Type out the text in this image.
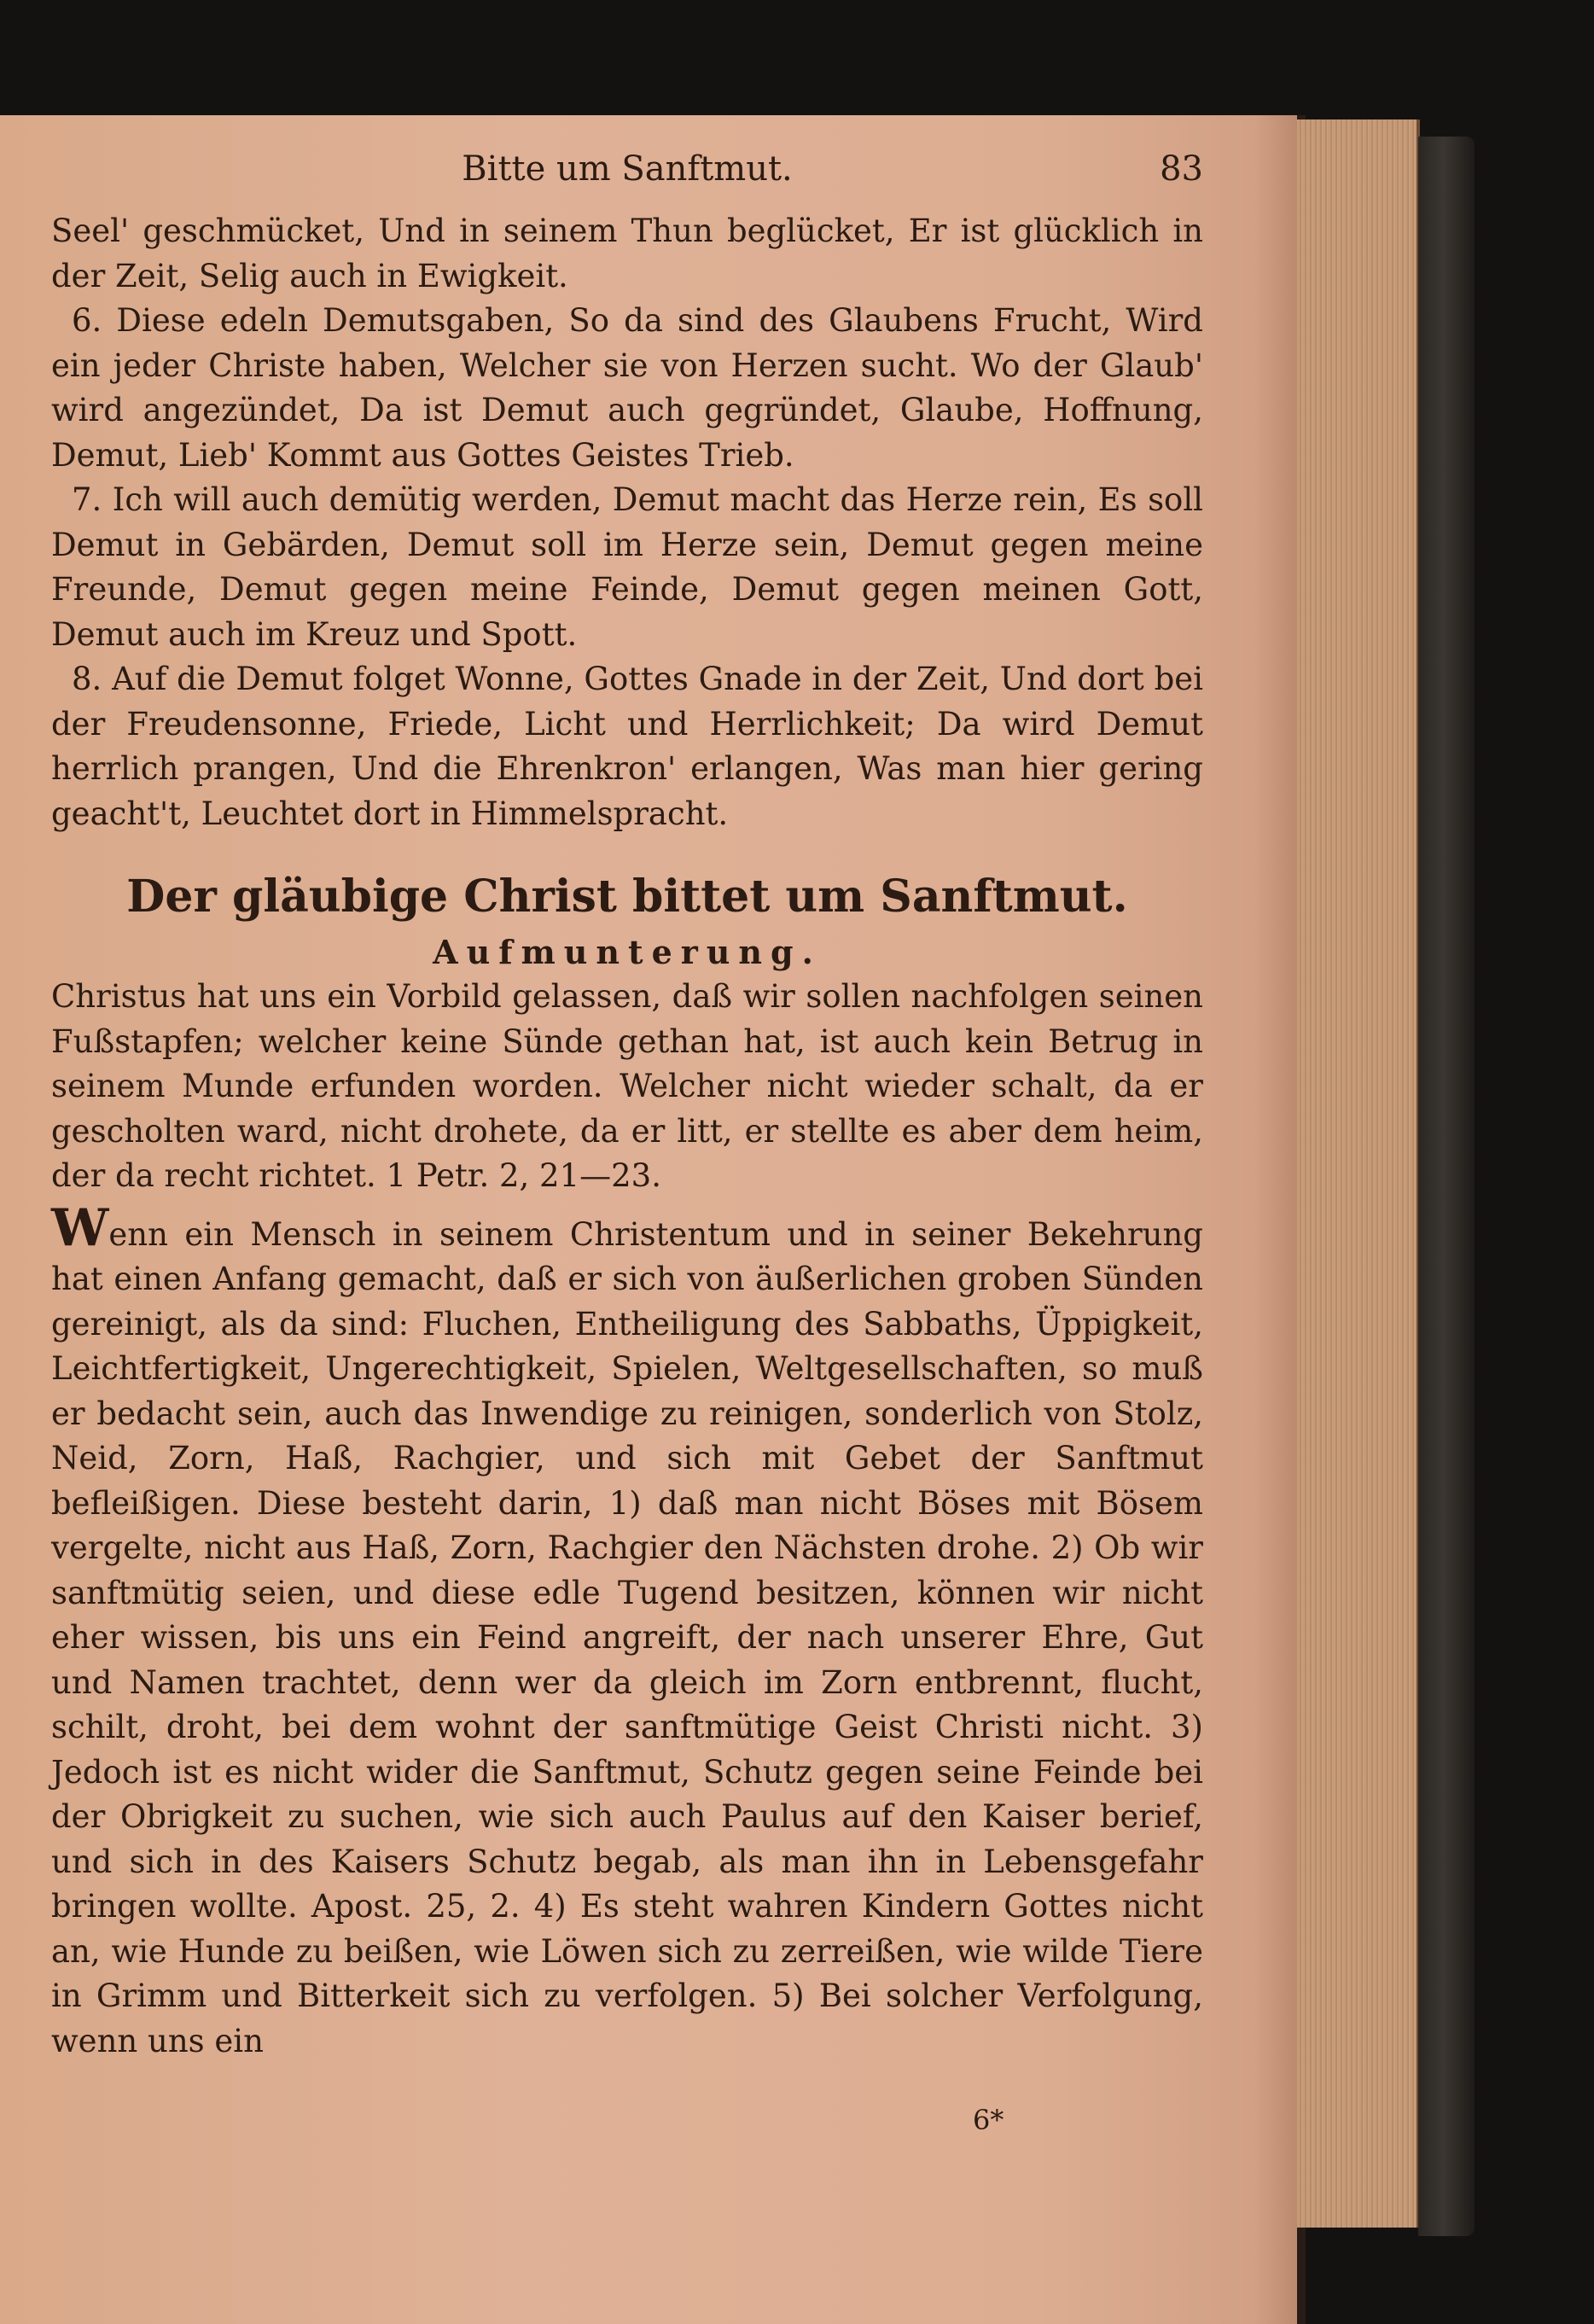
Bitte um Sanftmut.	83

Seel' geschmücket, Und in seinem Thun beglücket, Er ist glücklich in der Zeit, Selig auch in Ewigkeit.

6. Diese edeln Demutsgaben, So da sind des Glaubens Frucht, Wird ein jeder Christe haben, Welcher sie von Herzen sucht. Wo der Glaub' wird angezündet, Da ist Demut auch gegründet, Glaube, Hoffnung, Demut, Lieb' Kommt aus Gottes Geistes Trieb.

7. Ich will auch demütig werden, Demut macht das Herze rein, Es soll Demut in Gebärden, Demut soll im Herze sein, Demut gegen meine Freunde, Demut gegen meine Feinde, Demut gegen meinen Gott, Demut auch im Kreuz und Spott.

8. Auf die Demut folget Wonne, Gottes Gnade in der Zeit, Und dort bei der Freudensonne, Friede, Licht und Herrlichkeit; Da wird Demut herrlich prangen, Und die Ehrenkron' erlangen, Was man hier gering geacht't, Leuchtet dort in Himmelspracht.

Der gläubige Christ bittet um Sanftmut.
Aufmunterung.

Christus hat uns ein Vorbild gelassen, daß wir sollen nachfolgen seinen Fußstapfen; welcher keine Sünde gethan hat, ist auch kein Betrug in seinem Munde erfunden worden. Welcher nicht wieder schalt, da er gescholten ward, nicht drohete, da er litt, er stellte es aber dem heim, der da recht richtet. 1 Petr. 2, 21—23.

Wenn ein Mensch in seinem Christentum und in seiner Bekehrung hat einen Anfang gemacht, daß er sich von äußerlichen groben Sünden gereinigt, als da sind: Fluchen, Entheiligung des Sabbaths, Üppigkeit, Leichtfertigkeit, Ungerechtigkeit, Spielen, Weltgesellschaften, so muß er bedacht sein, auch das Inwendige zu reinigen, sonderlich von Stolz, Neid, Zorn, Haß, Rachgier, und sich mit Gebet der Sanftmut befleißigen. Diese besteht darin, 1) daß man nicht Böses mit Bösem vergelte, nicht aus Haß, Zorn, Rachgier den Nächsten drohe. 2) Ob wir sanftmütig seien, und diese edle Tugend besitzen, können wir nicht eher wissen, bis uns ein Feind angreift, der nach unserer Ehre, Gut und Namen trachtet, denn wer da gleich im Zorn entbrennt, flucht, schilt, droht, bei dem wohnt der sanftmütige Geist Christi nicht. 3) Jedoch ist es nicht wider die Sanftmut, Schutz gegen seine Feinde bei der Obrigkeit zu suchen, wie sich auch Paulus auf den Kaiser berief, und sich in des Kaisers Schutz begab, als man ihn in Lebensgefahr bringen wollte. Apost. 25, 2. 4) Es steht wahren Kindern Gottes nicht an, wie Hunde zu beißen, wie Löwen sich zu zerreißen, wie wilde Tiere in Grimm und Bitterkeit sich zu verfolgen. 5) Bei solcher Verfolgung, wenn uns ein

6*
